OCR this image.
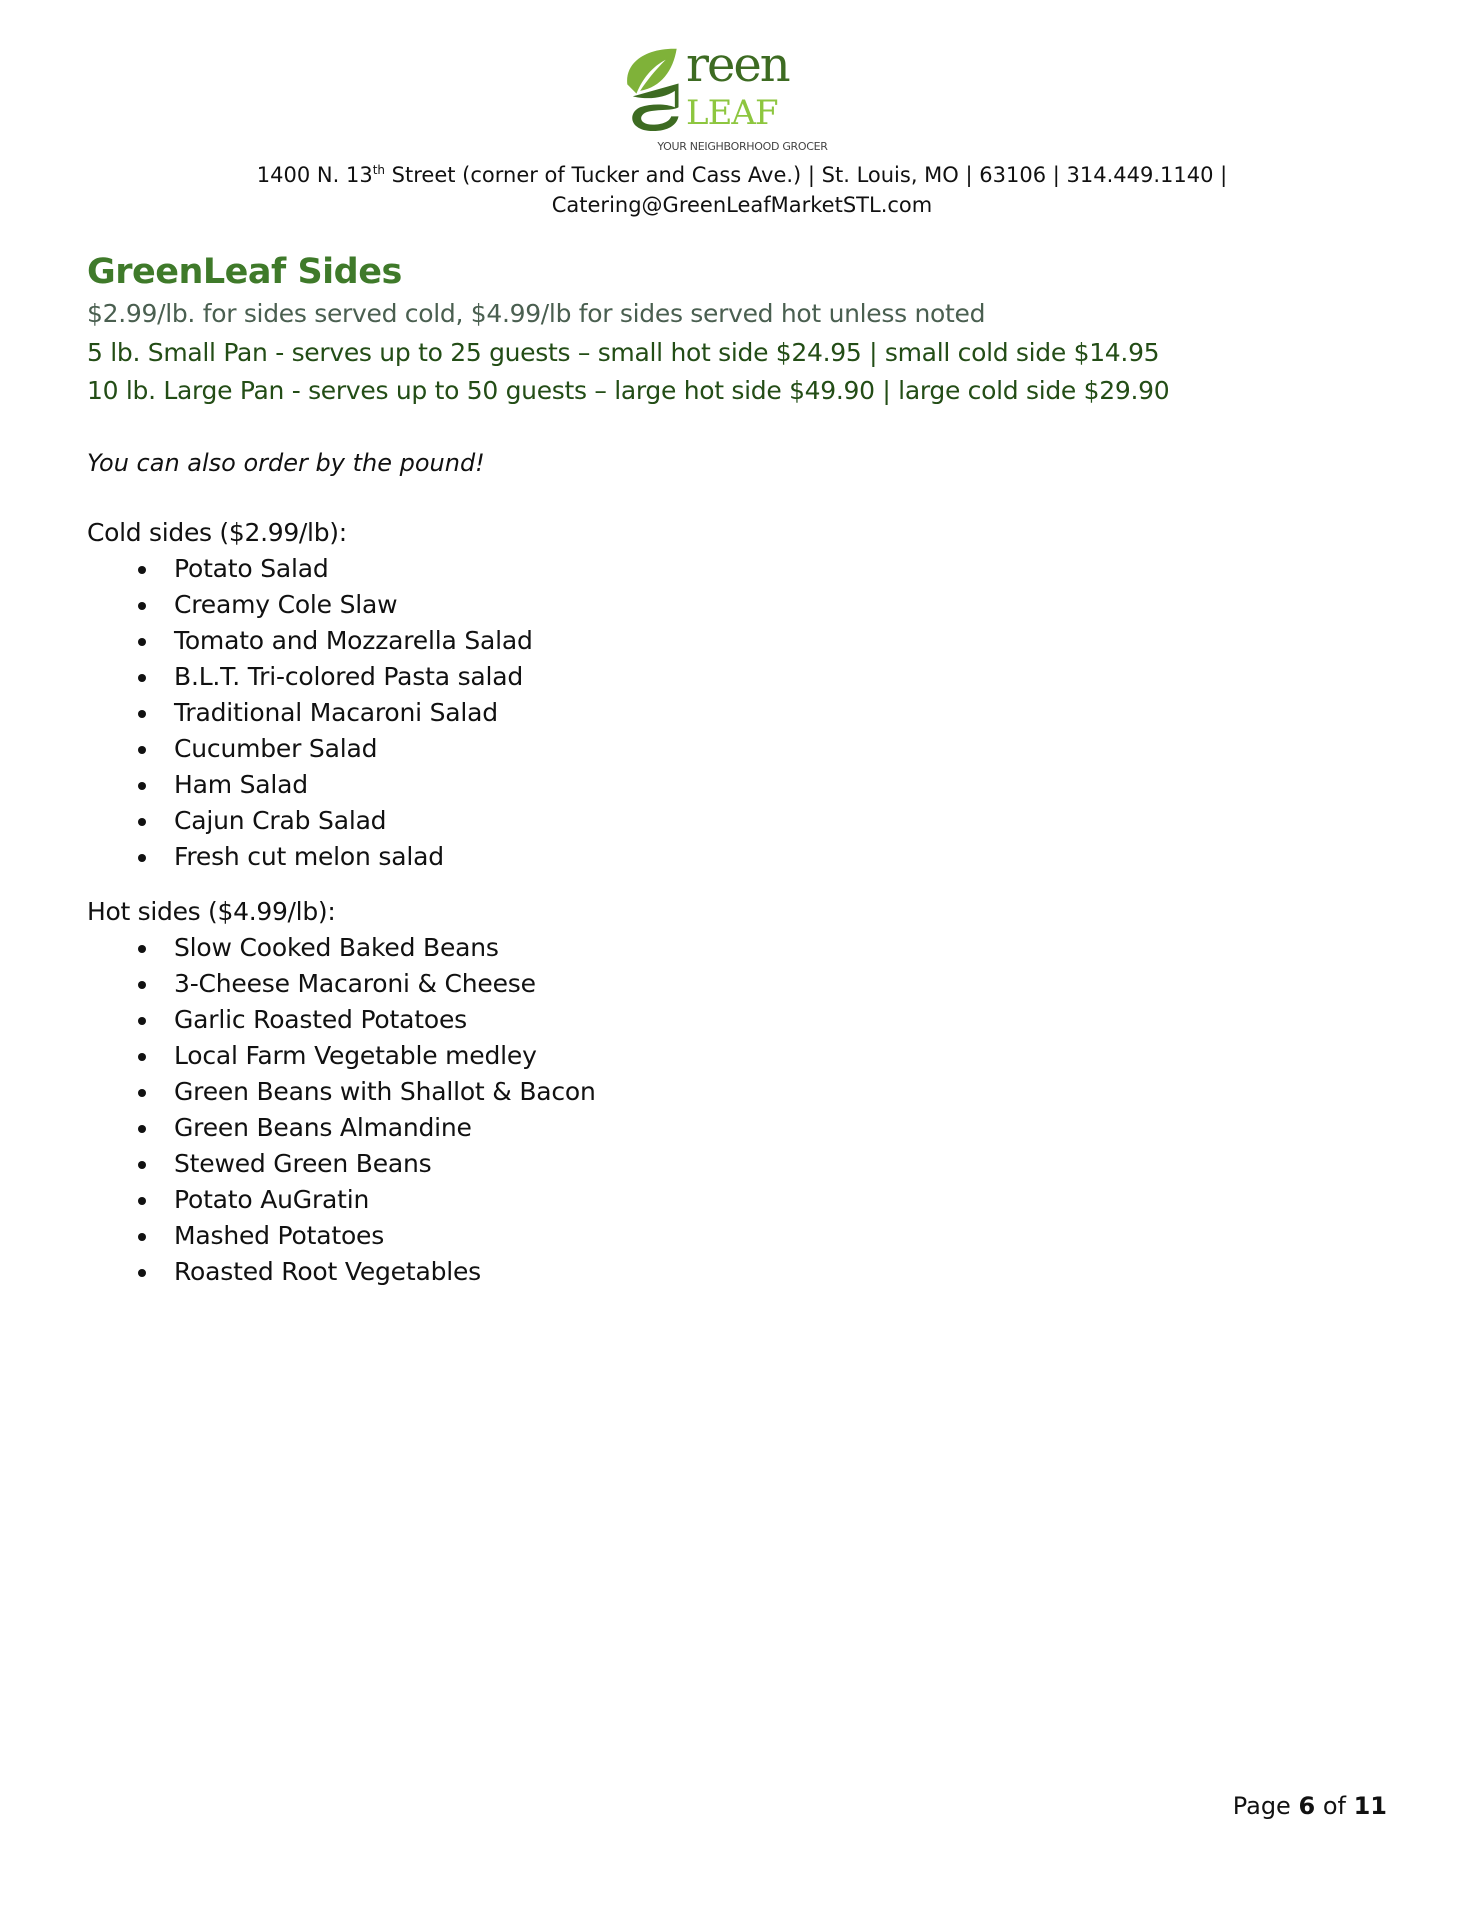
reen
LEAF
YOUR NEIGHBORHOOD GROCER
1400 N. 13th Street (corner of Tucker and Cass Ave.) | St. Louis, MO | 63106 | 314.449.1140 |
Catering@GreenLeafMarketSTL.com
GreenLeaf Sides
$2.99/lb. for sides served cold, $4.99/lb for sides served hot unless noted
5 lb. Small Pan - serves up to 25 guests – small hot side $24.95 | small cold side $14.95
10 lb. Large Pan - serves up to 50 guests – large hot side $49.90 | large cold side $29.90
You can also order by the pound!
Cold sides ($2.99/lb):
Potato Salad
Creamy Cole Slaw
Tomato and Mozzarella Salad
B.L.T. Tri-colored Pasta salad
Traditional Macaroni Salad
Cucumber Salad
Ham Salad
Cajun Crab Salad
Fresh cut melon salad
Hot sides ($4.99/lb):
Slow Cooked Baked Beans
3-Cheese Macaroni & Cheese
Garlic Roasted Potatoes
Local Farm Vegetable medley
Green Beans with Shallot & Bacon
Green Beans Almandine
Stewed Green Beans
Potato AuGratin
Mashed Potatoes
Roasted Root Vegetables
Page 6 of 11
